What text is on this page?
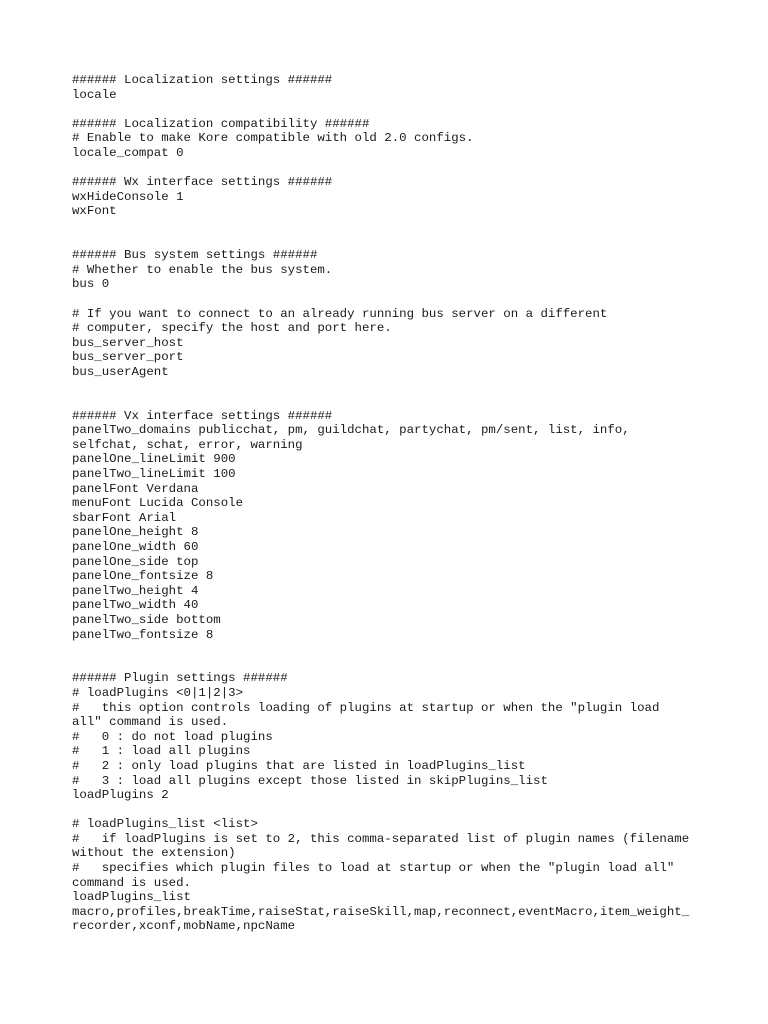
###### Localization settings ######
locale
###### Localization compatibility ######
# Enable to make Kore compatible with old 2.0 configs.
locale_compat 0
###### Wx interface settings ######
wxHideConsole 1
wxFont
###### Bus system settings ######
# Whether to enable the bus system.
bus 0
# If you want to connect to an already running bus server on a different
# computer, specify the host and port here.
bus_server_host
bus_server_port
bus_userAgent
###### Vx interface settings ######
panelTwo_domains publicchat, pm, guildchat, partychat, pm/sent, list, info,
selfchat, schat, error, warning
panelOne_lineLimit 900
panelTwo_lineLimit 100
panelFont Verdana
menuFont Lucida Console
sbarFont Arial
panelOne_height 8
panelOne_width 60
panelOne_side top
panelOne_fontsize 8
panelTwo_height 4
panelTwo_width 40
panelTwo_side bottom
panelTwo_fontsize 8
###### Plugin settings ######
# loadPlugins <0|1|2|3>
#   this option controls loading of plugins at startup or when the "plugin load
all" command is used.
#   0 : do not load plugins
#   1 : load all plugins
#   2 : only load plugins that are listed in loadPlugins_list
#   3 : load all plugins except those listed in skipPlugins_list
loadPlugins 2
# loadPlugins_list <list>
#   if loadPlugins is set to 2, this comma-separated list of plugin names (filename
without the extension)
#   specifies which plugin files to load at startup or when the "plugin load all"
command is used.
loadPlugins_list
macro,profiles,breakTime,raiseStat,raiseSkill,map,reconnect,eventMacro,item_weight_
recorder,xconf,mobName,npcName
